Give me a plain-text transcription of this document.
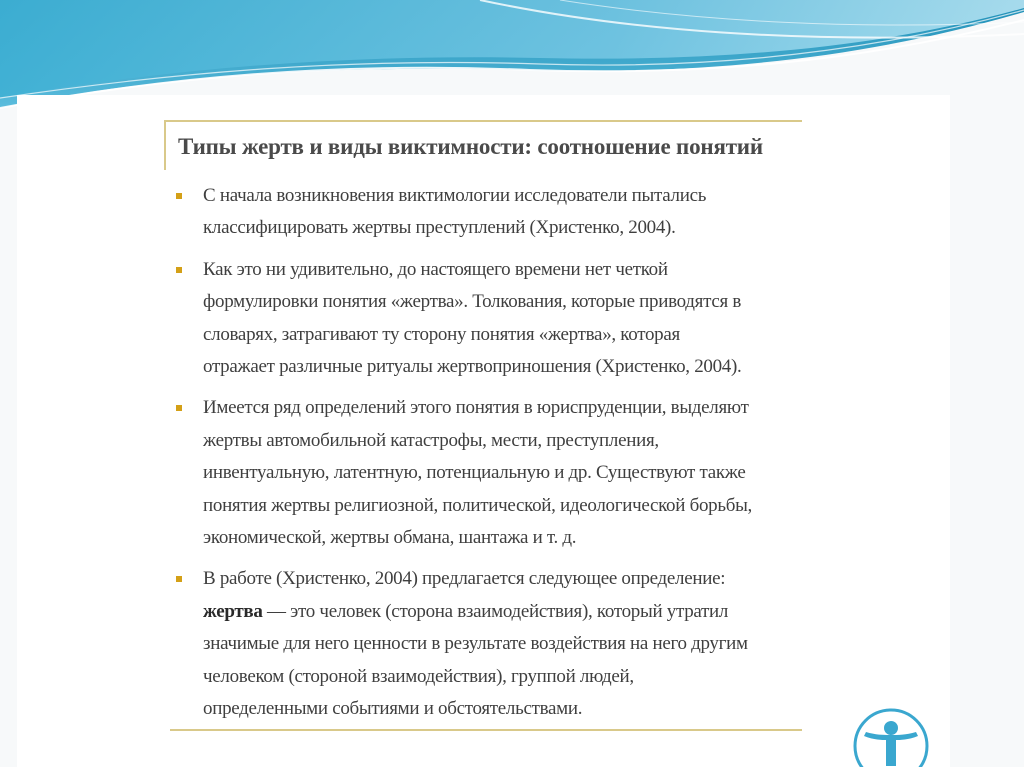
Типы жертв и виды виктимности: соотношение понятий
С начала возникновения виктимологии исследователи пытались
классифицировать жертвы преступлений (Христенко, 2004).
Как это ни удивительно, до настоящего времени нет четкой
формулировки понятия «жертва». Толкования, которые приводятся в
словарях, затрагивают ту сторону понятия «жертва», которая
отражает различные ритуалы жертвоприношения (Христенко, 2004).
Имеется ряд определений этого понятия в юриспруденции, выделяют
жертвы автомобильной катастрофы, мести, преступления,
инвентуальную, латентную, потенциальную и др. Существуют также
понятия жертвы религиозной, политической, идеологической борьбы,
экономической, жертвы обмана, шантажа и т. д.
В работе (Христенко, 2004) предлагается следующее определение:
жертва — это человек (сторона взаимодействия), который утратил
значимые для него ценности в результате воздействия на него другим
человеком (стороной взаимодействия), группой людей,
определенными событиями и обстоятельствами.
